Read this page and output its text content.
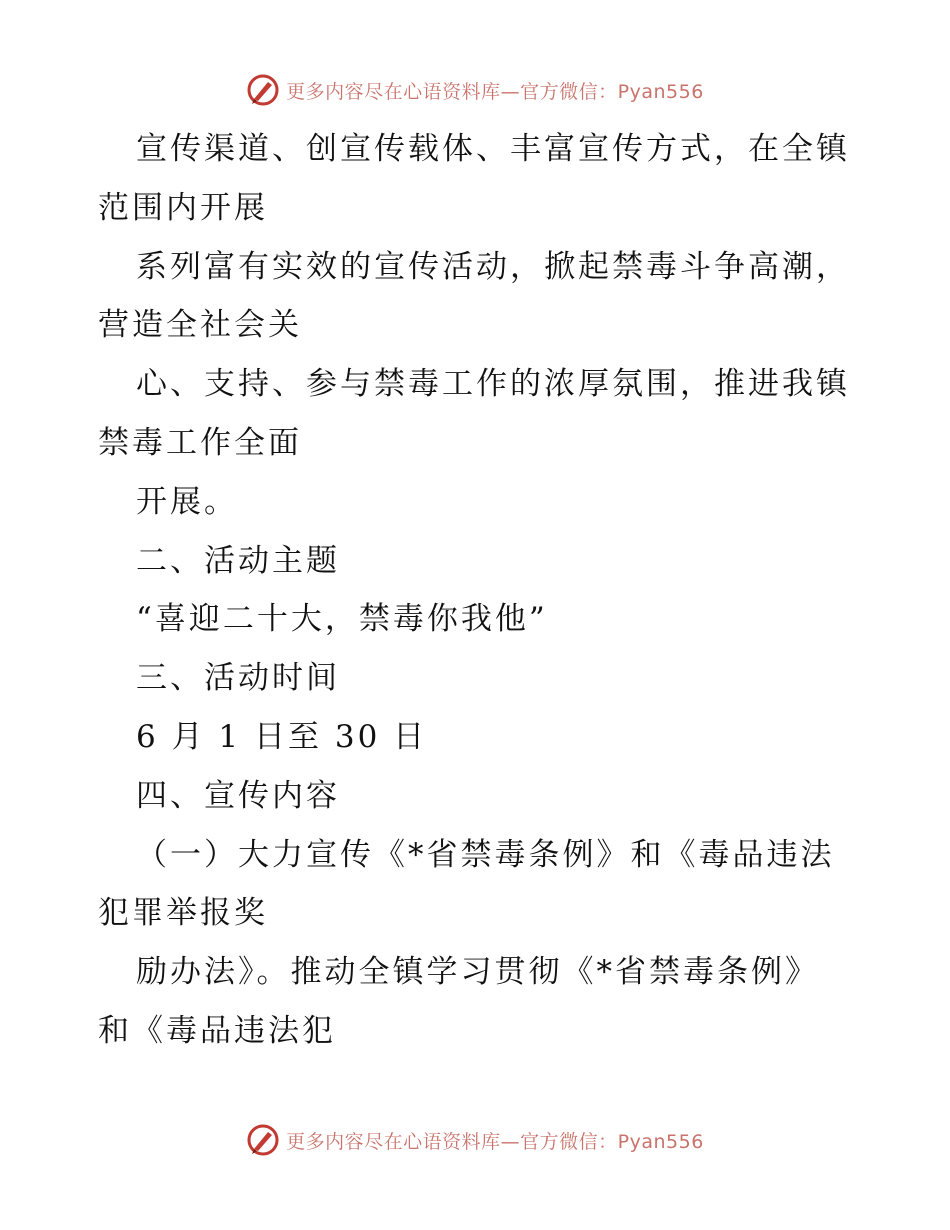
更多内容尽在心语资料库—官方微信：Pyan556
宣传渠道、创宣传载体、丰富宣传方式，在全镇
范围内开展
系列富有实效的宣传活动，掀起禁毒斗争高潮，
营造全社会关
心、支持、参与禁毒工作的浓厚氛围，推进我镇
禁毒工作全面
开展。
二、活动主题
“喜迎二十大，禁毒你我他”
三、活动时间
6 月 1 日至 30 日
四、宣传内容
（一）大力宣传《*省禁毒条例》和《毒品违法
犯罪举报奖
励办法》。推动全镇学习贯彻《*省禁毒条例》
和《毒品违法犯
更多内容尽在心语资料库—官方微信：Pyan556
